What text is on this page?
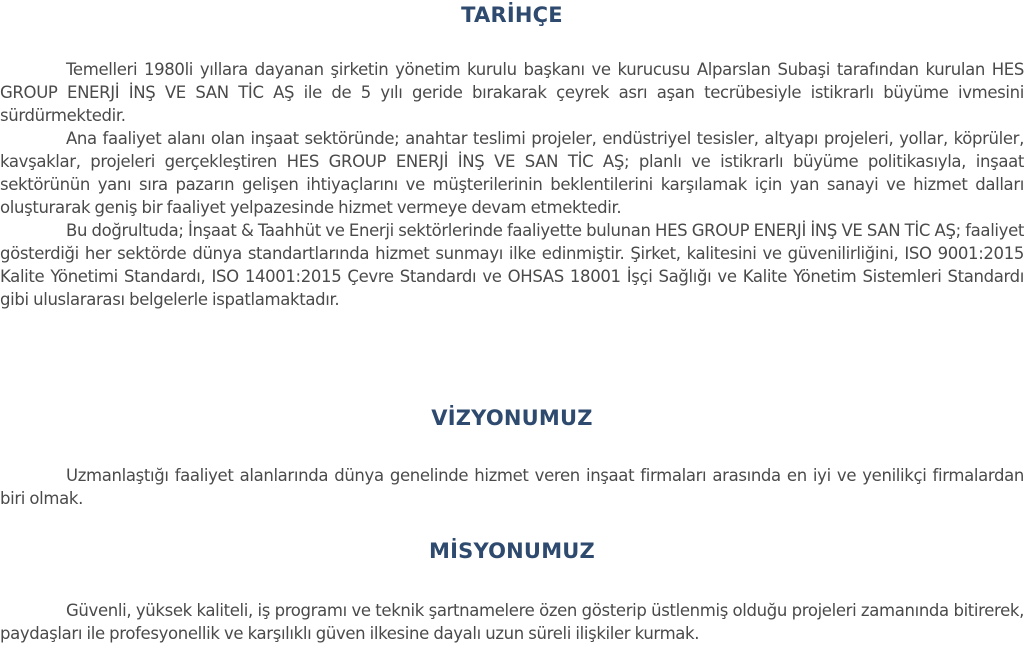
TARİHÇE

Temelleri 1980li yıllara dayanan şirketin yönetim kurulu başkanı ve kurucusu Alparslan Subaşi tarafından kurulan HES GROUP ENERJİ İNŞ VE SAN TİC AŞ ile de 5 yılı geride bırakarak çeyrek asrı aşan tecrübesiyle istikrarlı büyüme ivmesini sürdürmektedir.

Ana faaliyet alanı olan inşaat sektöründe; anahtar teslimi projeler, endüstriyel tesisler, altyapı projeleri, yollar, köprüler, kavşaklar, projeleri gerçekleştiren HES GROUP ENERJİ İNŞ VE SAN TİC AŞ; planlı ve istikrarlı büyüme politikasıyla, inşaat sektörünün yanı sıra pazarın gelişen ihtiyaçlarını ve müşterilerinin beklentilerini karşılamak için yan sanayi ve hizmet dalları oluşturarak geniş bir faaliyet yelpazesinde hizmet vermeye devam etmektedir.

Bu doğrultuda; İnşaat & Taahhüt ve Enerji sektörlerinde faaliyette bulunan HES GROUP ENERJİ İNŞ VE SAN TİC AŞ; faaliyet gösterdiği her sektörde dünya standartlarında hizmet sunmayı ilke edinmiştir. Şirket, kalitesini ve güvenilirliğini, ISO 9001:2015 Kalite Yönetimi Standardı, ISO 14001:2015 Çevre Standardı ve OHSAS 18001 İşçi Sağlığı ve Kalite Yönetim Sistemleri Standardı gibi uluslararası belgelerle ispatlamaktadır.

VİZYONUMUZ

Uzmanlaştığı faaliyet alanlarında dünya genelinde hizmet veren inşaat firmaları arasında en iyi ve yenilikçi firmalardan biri olmak.

MİSYONUMUZ

Güvenli, yüksek kaliteli, iş programı ve teknik şartnamelere özen gösterip üstlenmiş olduğu projeleri zamanında bitirerek, paydaşları ile profesyonellik ve karşılıklı güven ilkesine dayalı uzun süreli ilişkiler kurmak.
